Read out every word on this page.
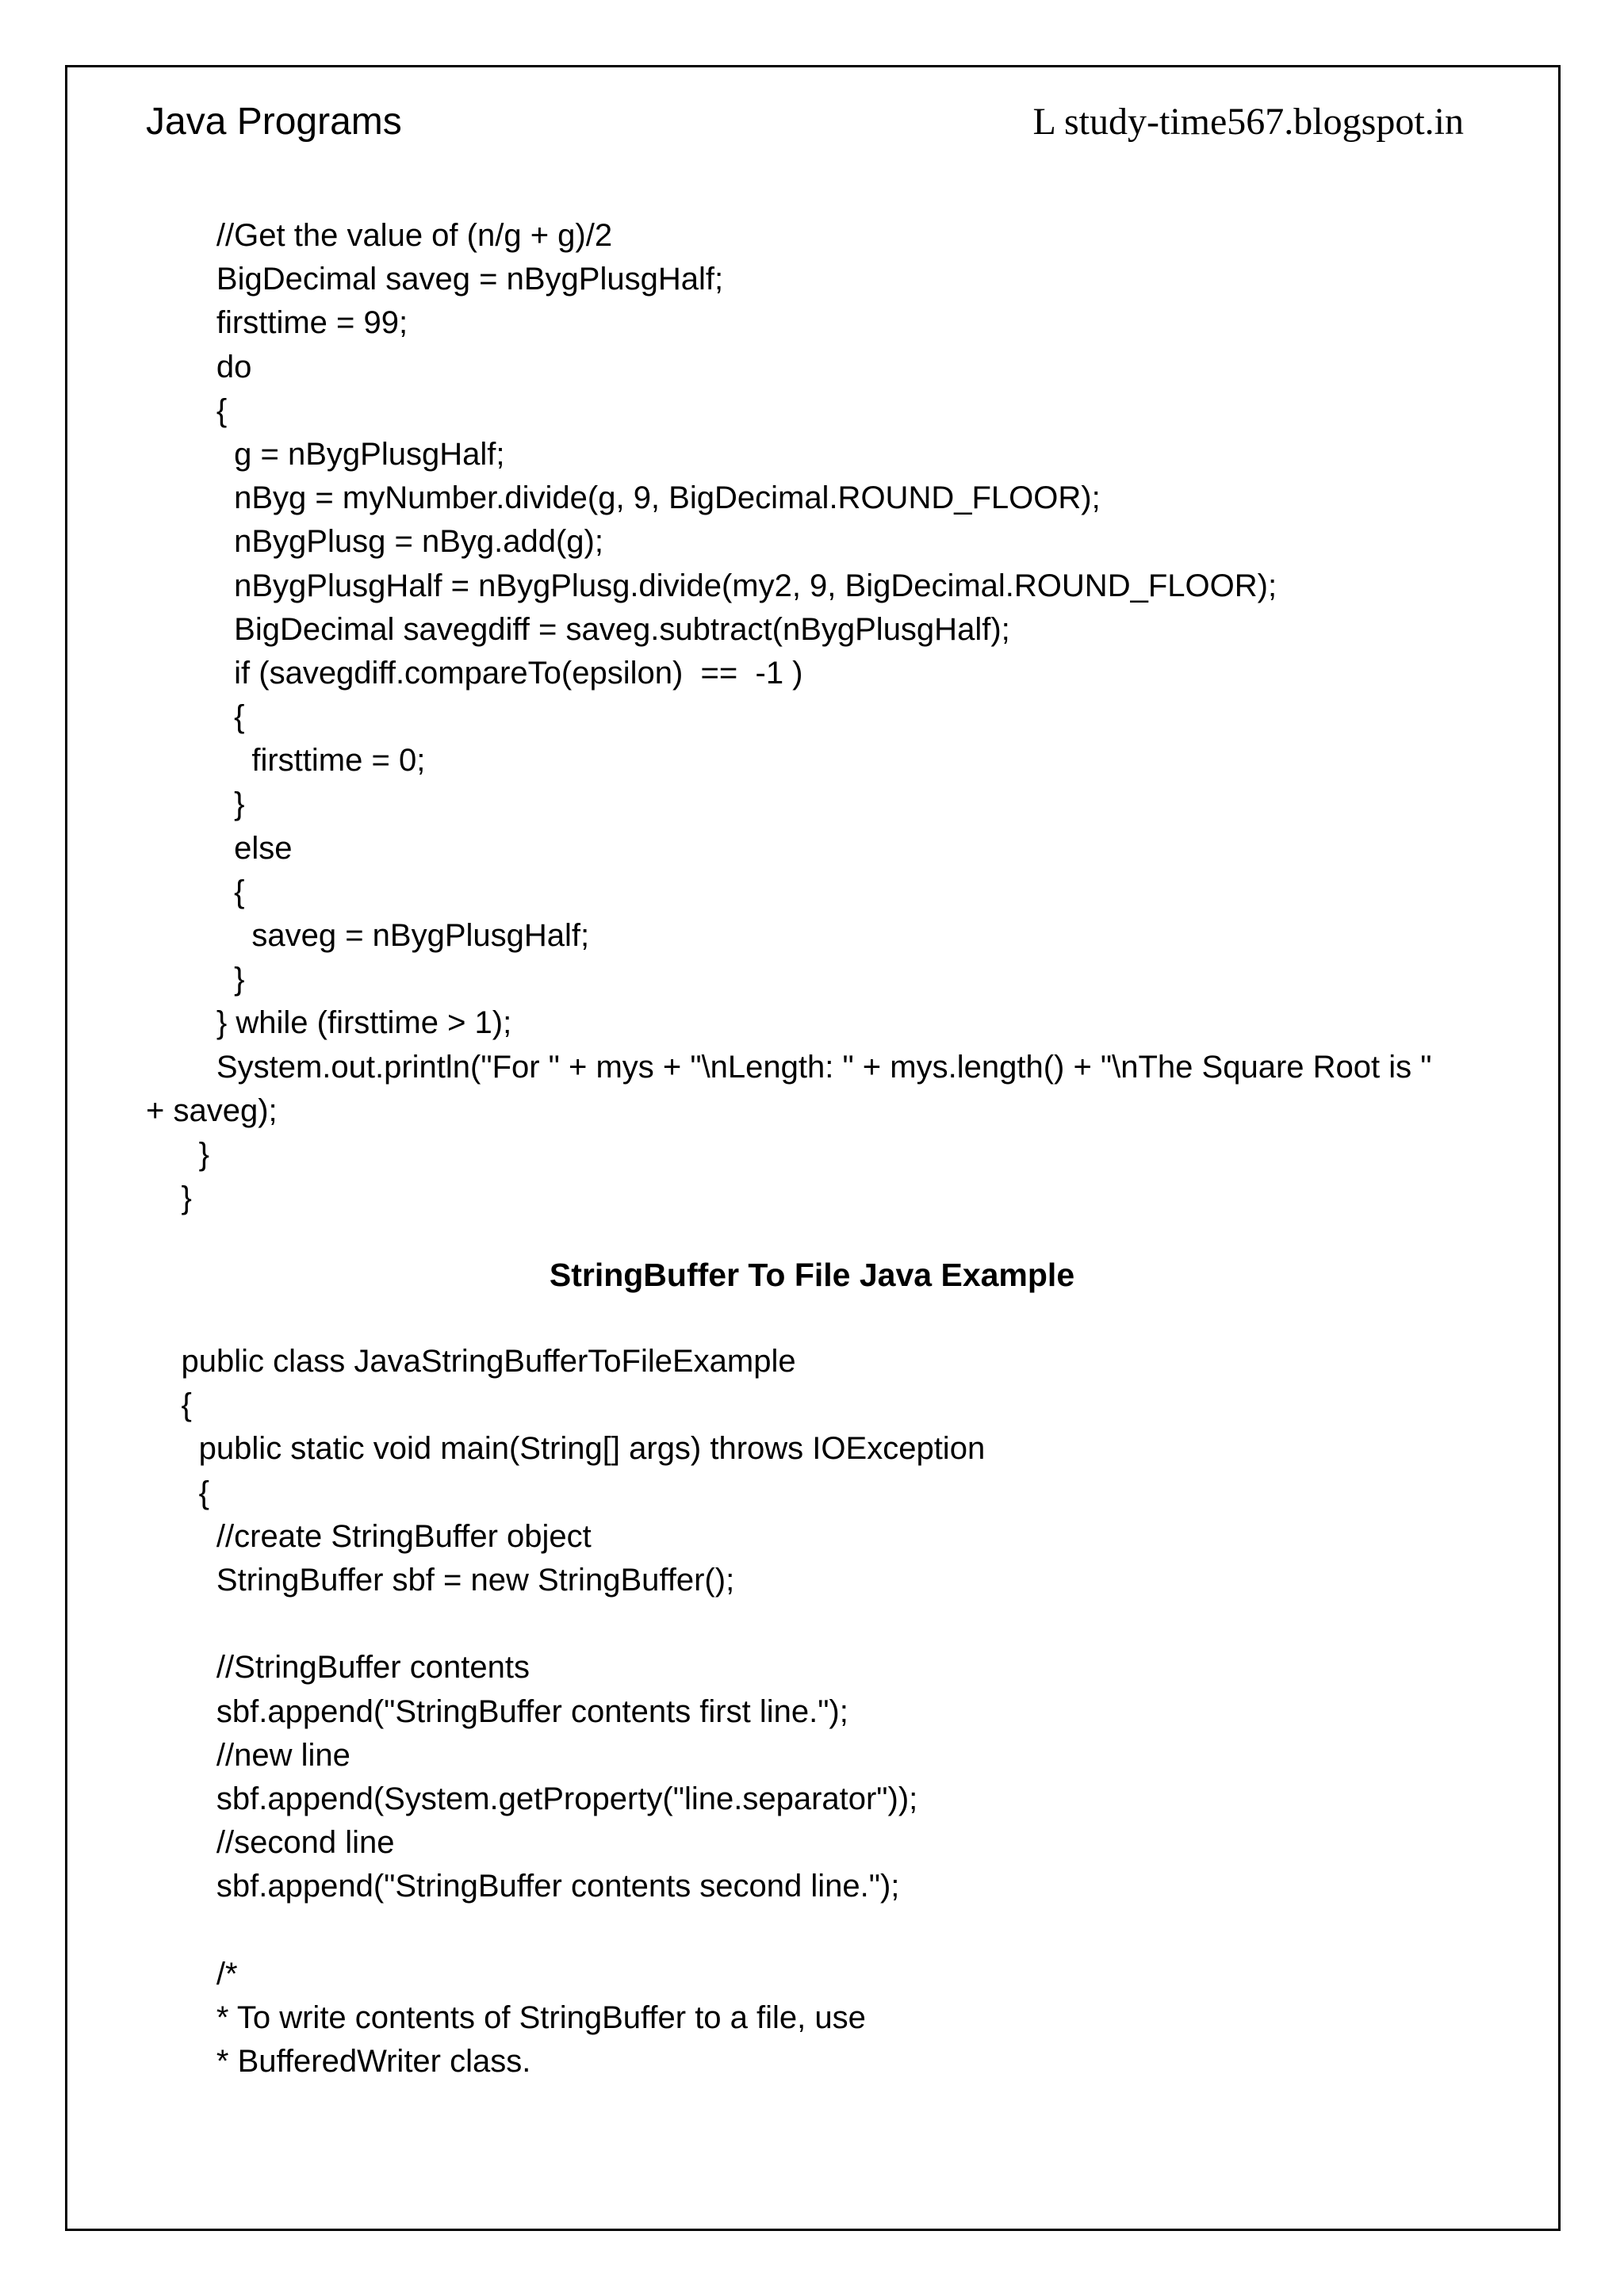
Java Programs	L study-time567.blogspot.in
//Get the value of (n/g + g)/2
BigDecimal saveg = nBygPlusgHalf;
firsttime = 99;
do
{
g = nBygPlusgHalf;
nByg = myNumber.divide(g, 9, BigDecimal.ROUND_FLOOR);
nBygPlusg = nByg.add(g);
nBygPlusgHalf = nBygPlusg.divide(my2, 9, BigDecimal.ROUND_FLOOR);
BigDecimal savegdiff = saveg.subtract(nBygPlusgHalf);
if (savegdiff.compareTo(epsilon)  ==  -1 )
{
firsttime = 0;
}
else
{
saveg = nBygPlusgHalf;
}
} while (firsttime > 1);
System.out.println("For " + mys + "\nLength: " + mys.length() + "\nThe Square Root is "
+ saveg);
}
}
StringBuffer To File Java Example
public class JavaStringBufferToFileExample
{
public static void main(String[] args) throws IOException
{
//create StringBuffer object
StringBuffer sbf = new StringBuffer();
//StringBuffer contents
sbf.append("StringBuffer contents first line.");
//new line
sbf.append(System.getProperty("line.separator"));
//second line
sbf.append("StringBuffer contents second line.");
/*
* To write contents of StringBuffer to a file, use
* BufferedWriter class.
